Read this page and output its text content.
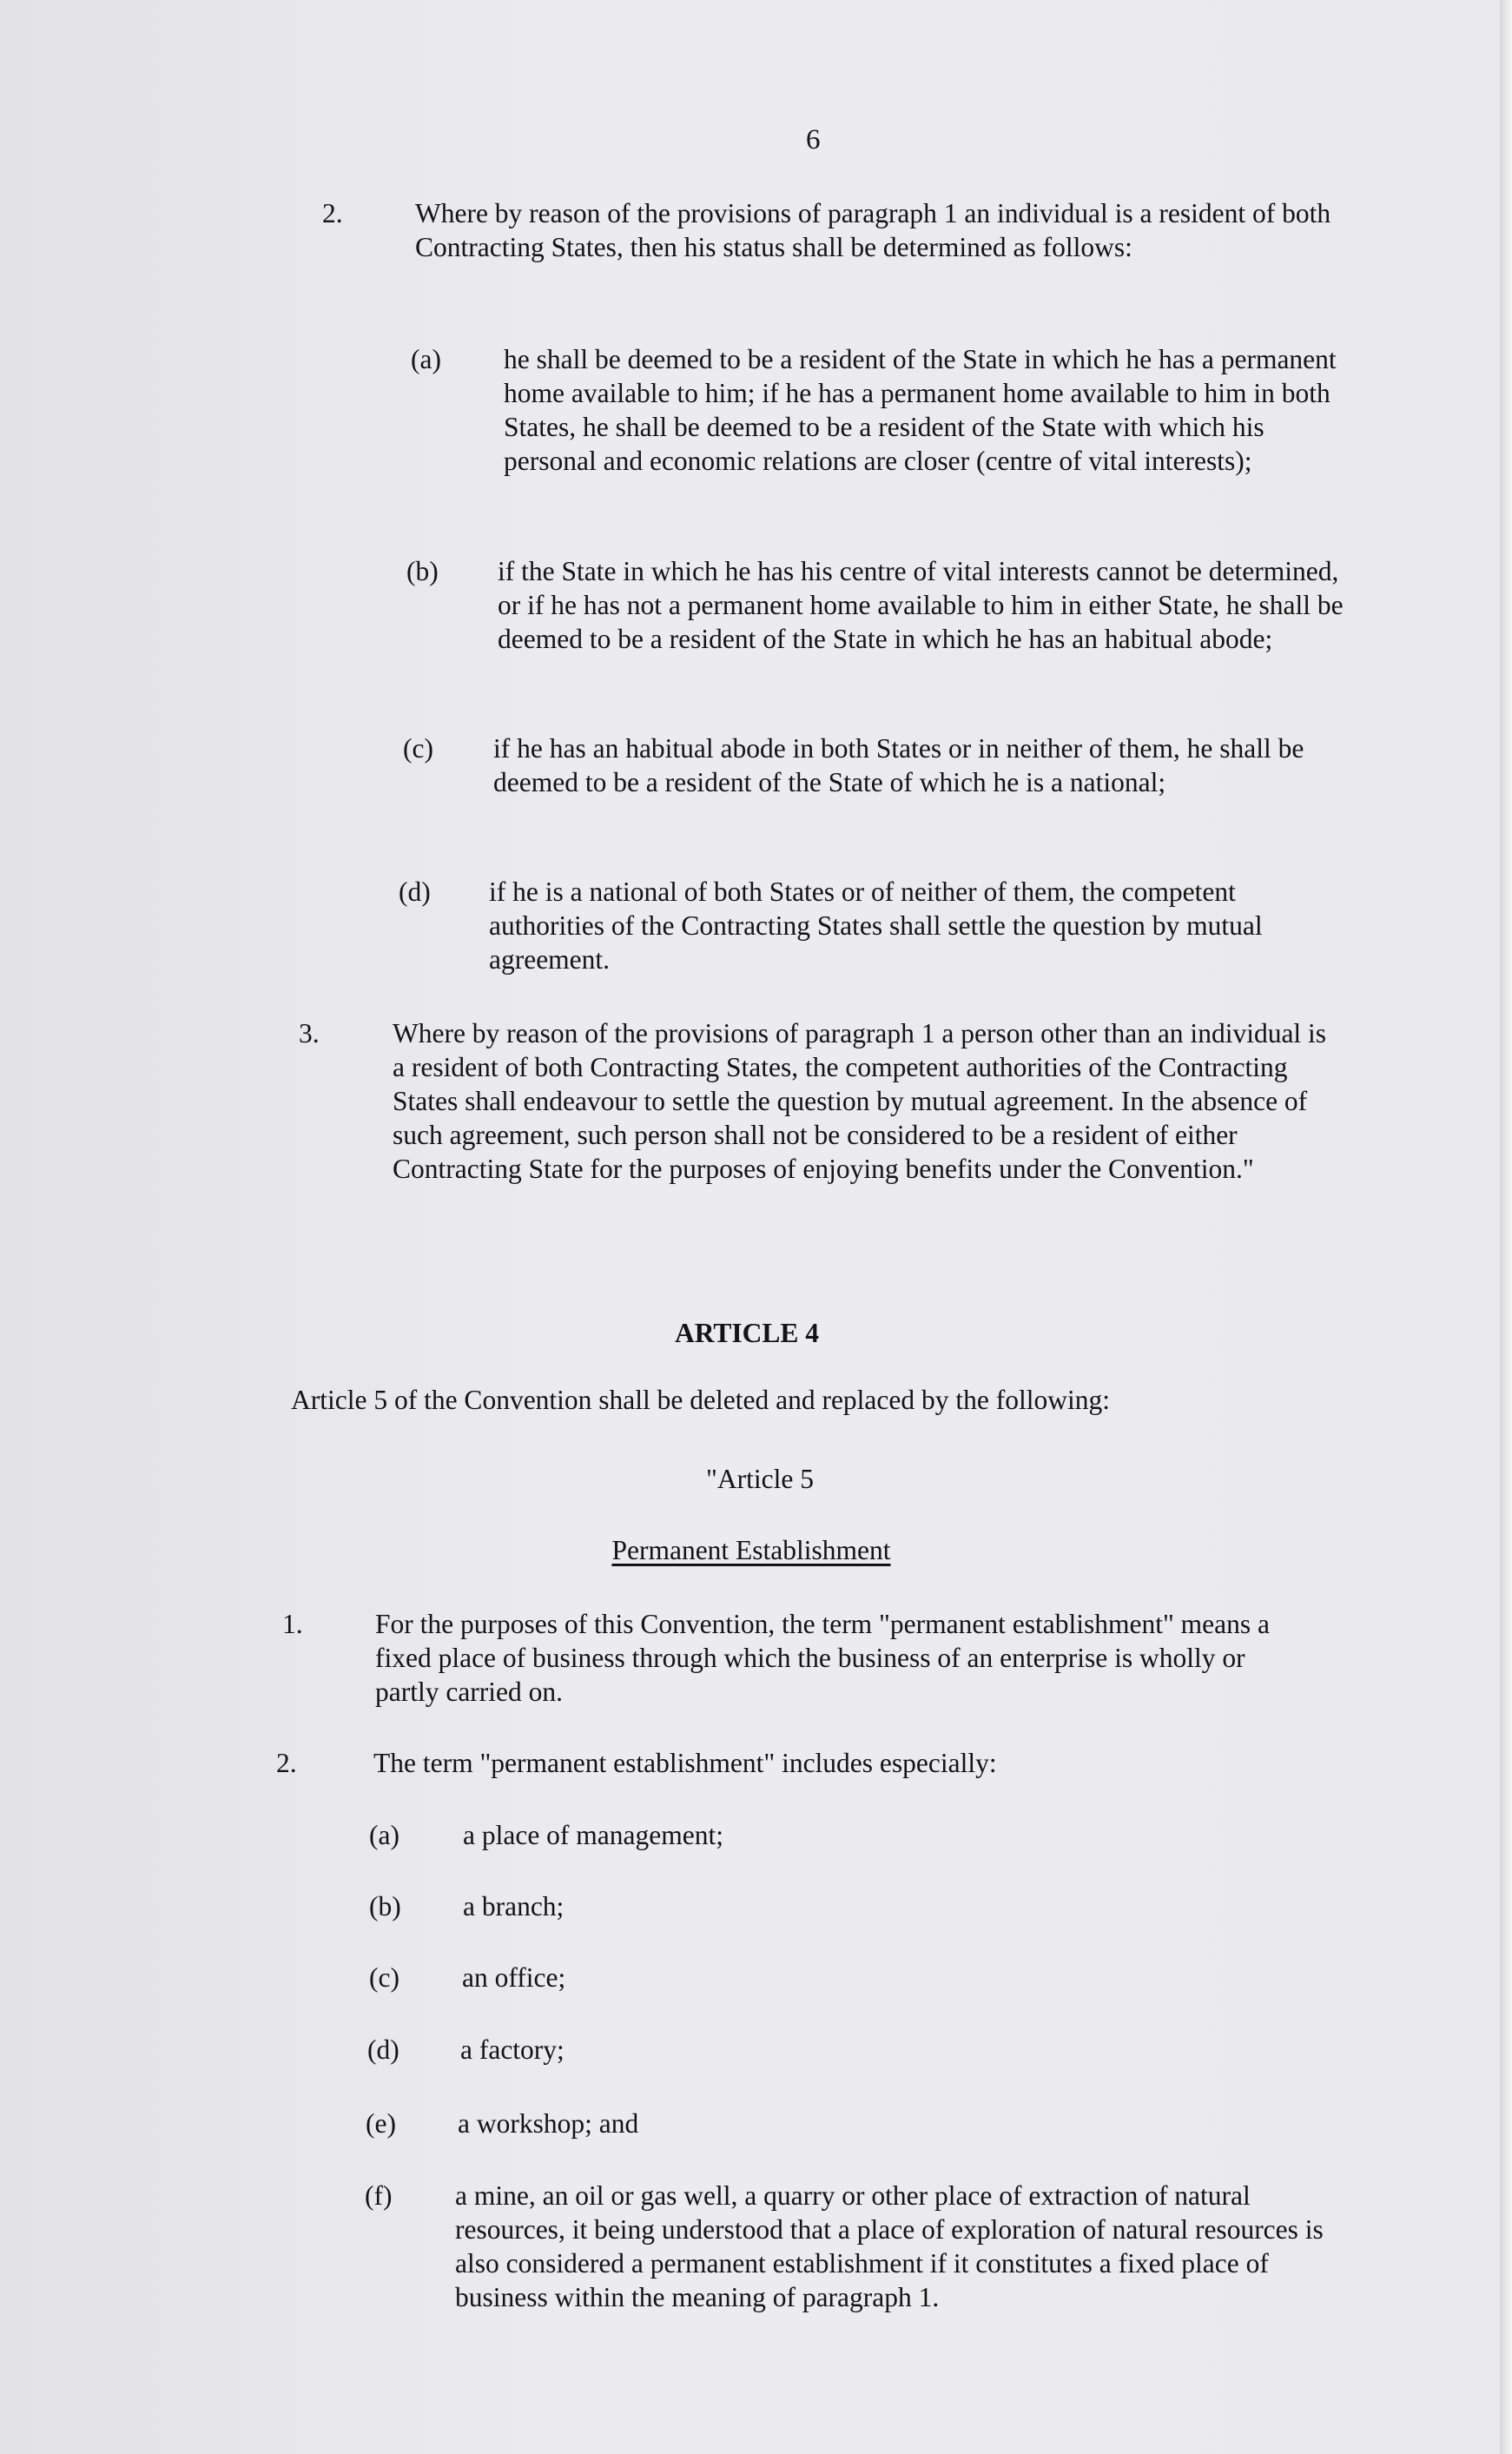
6
2.	Where by reason of the provisions of paragraph 1 an individual is a resident of both Contracting States, then his status shall be determined as follows:
(a) he shall be deemed to be a resident of the State in which he has a permanent home available to him; if he has a permanent home available to him in both States, he shall be deemed to be a resident of the State with which his personal and economic relations are closer (centre of vital interests);
(b) if the State in which he has his centre of vital interests cannot be determined, or if he has not a permanent home available to him in either State, he shall be deemed to be a resident of the State in which he has an habitual abode;
(c) if he has an habitual abode in both States or in neither of them, he shall be deemed to be a resident of the State of which he is a national;
(d) if he is a national of both States or of neither of them, the competent authorities of the Contracting States shall settle the question by mutual agreement.
3.	Where by reason of the provisions of paragraph 1 a person other than an individual is a resident of both Contracting States, the competent authorities of the Contracting States shall endeavour to settle the question by mutual agreement. In the absence of such agreement, such person shall not be considered to be a resident of either Contracting State for the purposes of enjoying benefits under the Convention."
ARTICLE 4
Article 5 of the Convention shall be deleted and replaced by the following:
"Article 5
Permanent Establishment
1.	For the purposes of this Convention, the term "permanent establishment" means a fixed place of business through which the business of an enterprise is wholly or partly carried on.
2.	The term "permanent establishment" includes especially:
(a) a place of management;
(b) a branch;
(c) an office;
(d) a factory;
(e) a workshop; and
(f) a mine, an oil or gas well, a quarry or other place of extraction of natural resources, it being understood that a place of exploration of natural resources is also considered a permanent establishment if it constitutes a fixed place of business within the meaning of paragraph 1.
